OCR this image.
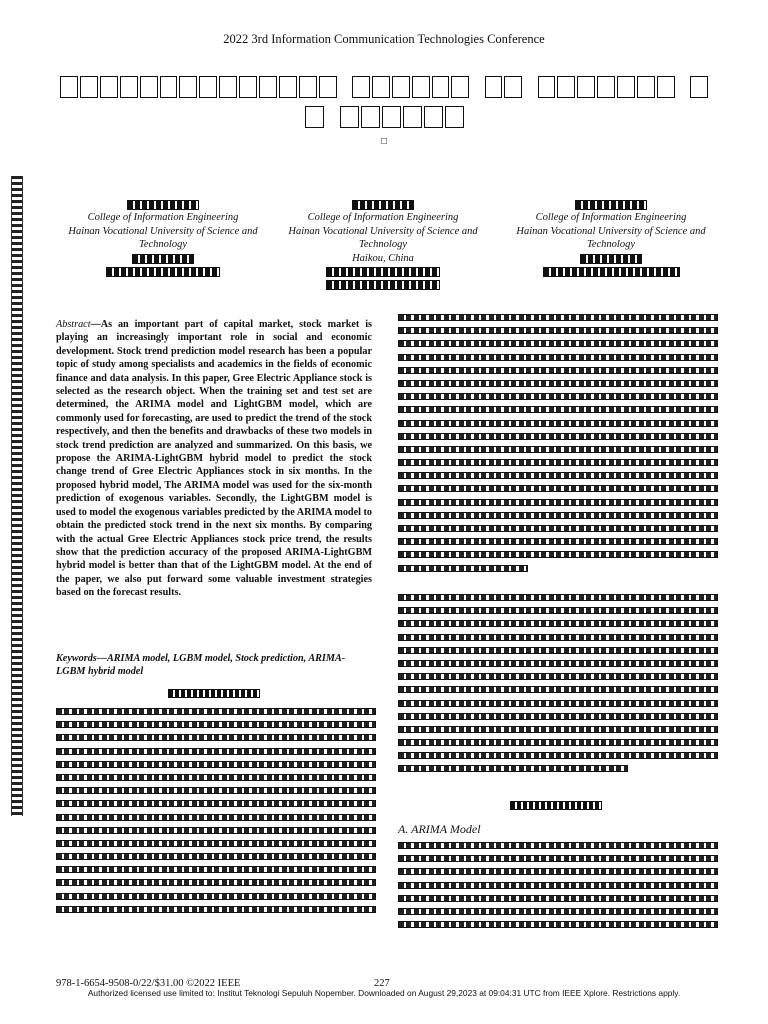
2022 3rd Information Communication Technologies Conference
□
College of Information Engineering
Hainan Vocational University of Science and Technology
College of Information Engineering
Hainan Vocational University of Science and Technology
Haikou, China
College of Information Engineering
Hainan Vocational University of Science and Technology
Abstract—As an important part of capital market, stock market is playing an increasingly important role in social and economic development. Stock trend prediction model research has been a popular topic of study among specialists and academics in the fields of economic finance and data analysis. In this paper, Gree Electric Appliance stock is selected as the research object. When the training set and test set are determined, the ARIMA model and LightGBM model, which are commonly used for forecasting, are used to predict the trend of the stock respectively, and then the benefits and drawbacks of these two models in stock trend prediction are analyzed and summarized. On this basis, we propose the ARIMA-LightGBM hybrid model to predict the stock change trend of Gree Electric Appliances stock in six months. In the proposed hybrid model, The ARIMA model was used for the six-month prediction of exogenous variables. Secondly, the LightGBM model is used to model the exogenous variables predicted by the ARIMA model to obtain the predicted stock trend in the next six months. By comparing with the actual Gree Electric Appliances stock price trend, the results show that the prediction accuracy of the proposed ARIMA-LightGBM hybrid model is better than that of the LightGBM model. At the end of the paper, we also put forward some valuable investment strategies based on the forecast results.
Keywords—ARIMA model, LGBM model, Stock prediction, ARIMA-LGBM hybrid model
A. ARIMA Model
978-1-6654-9508-0/22/$31.00 ©2022 IEEE	227
Authorized licensed use limited to: Institut Teknologi Sepuluh Nopember. Downloaded on August 29,2023 at 09:04:31 UTC from IEEE Xplore. Restrictions apply.
